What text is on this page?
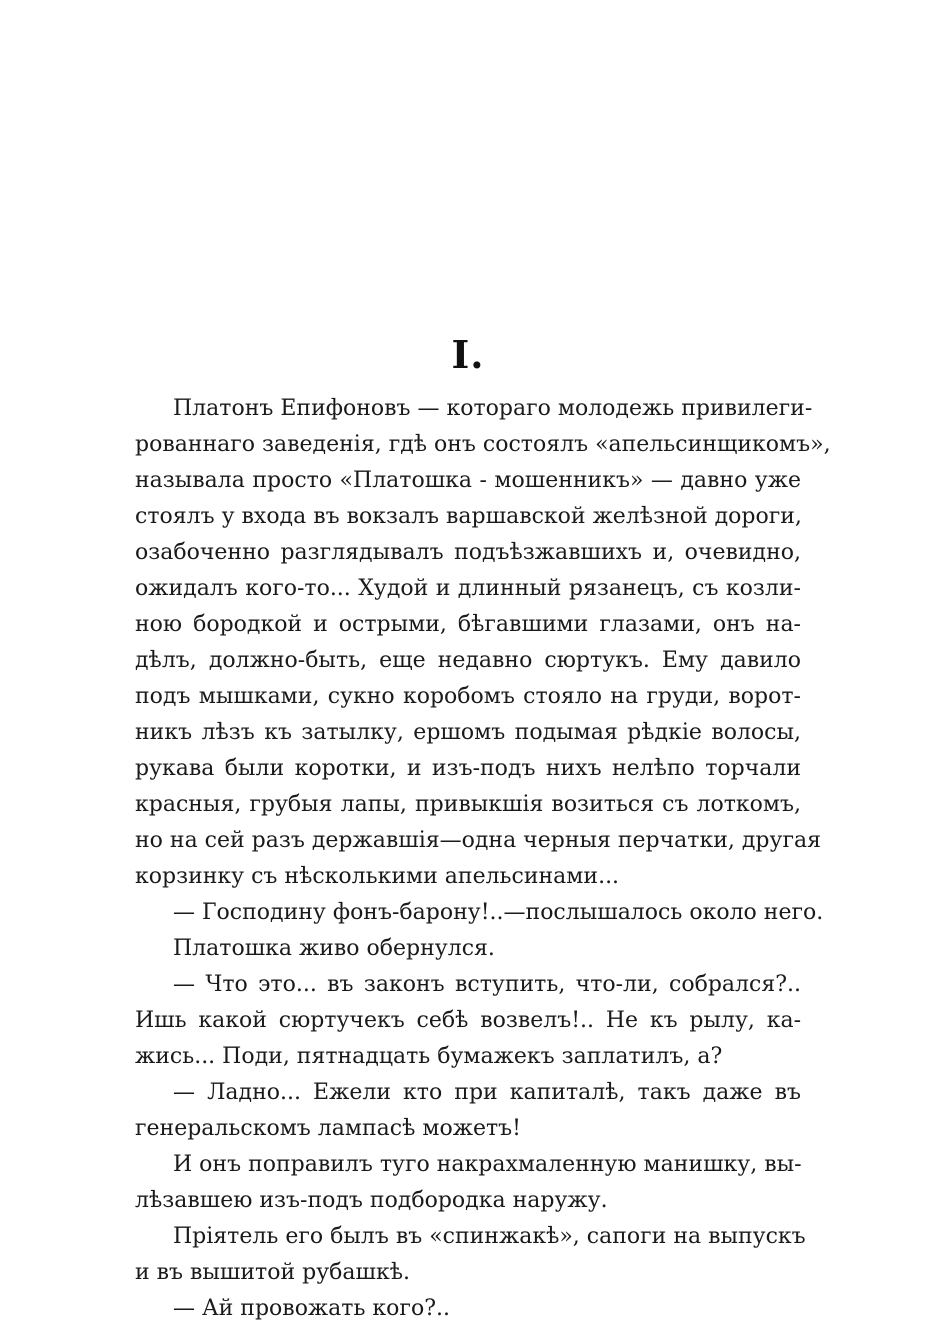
I.
Платонъ Епифоновъ — котораго молодежь привилеги-
рованнаго заведенія, гдѣ онъ состоялъ «апельсинщикомъ»,
называла просто «Платошка - мошенникъ» — давно уже
стоялъ у входа въ вокзалъ варшавской желѣзной дороги,
озабоченно разглядывалъ подъѣзжавшихъ и, очевидно,
ожидалъ кого-то... Худой и длинный рязанецъ, съ козли-
ною бородкой и острыми, бѣгавшими глазами, онъ на-
дѣлъ, должно-быть, еще недавно сюртукъ. Ему давило
подъ мышками, сукно коробомъ стояло на груди, ворот-
никъ лѣзъ къ затылку, ершомъ подымая рѣдкіе волосы,
рукава были коротки, и изъ-подъ нихъ нелѣпо торчали
красныя, грубыя лапы, привыкшія возиться съ лоткомъ,
но на сей разъ державшія—одна черныя перчатки, другая
корзинку съ нѣсколькими апельсинами...
— Господину фонъ-барону!..—послышалось около него.
Платошка живо обернулся.
— Что это... въ законъ вступить, что-ли, собрался?..
Ишь какой сюртучекъ себѣ возвелъ!.. Не къ рылу, ка-
жись... Поди, пятнадцать бумажекъ заплатилъ, а?
— Ладно... Ежели кто при капиталѣ, такъ даже въ
генеральскомъ лампасѣ можетъ!
И онъ поправилъ туго накрахмаленную манишку, вы-
лѣзавшею изъ-подъ подбородка наружу.
Пріятель его былъ въ «спинжакѣ», сапоги на выпускъ
и въ вышитой рубашкѣ.
— Ай провожать кого?..
